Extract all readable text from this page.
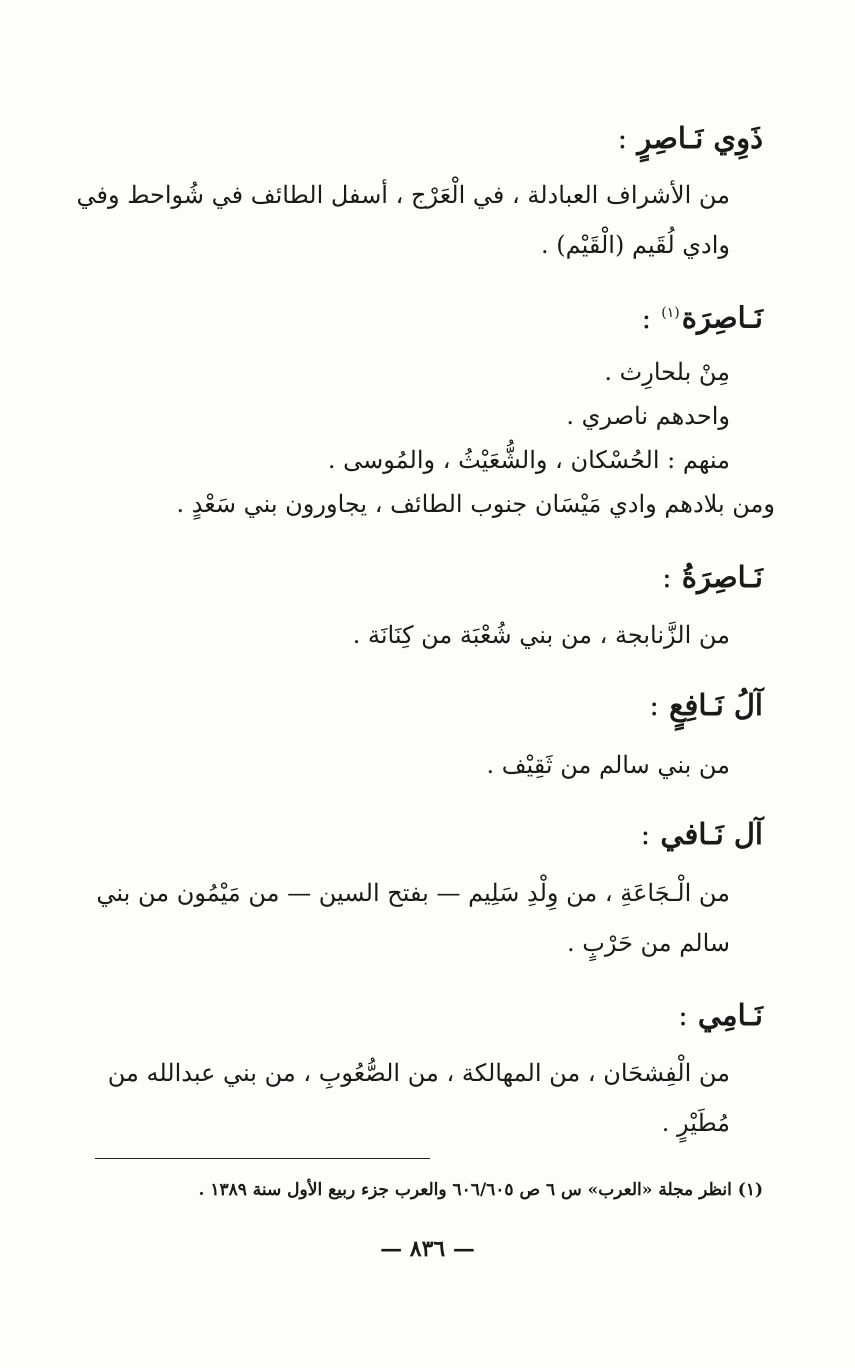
ذَوِي نَـاصِرٍ:
من الأشراف العبادلة ، في الْعَرْج ، أسفل الطائف في شُواحط وفي
وادي لُقَيم (الْقَيْم) .
نَـاصِرَة$^{(١)}$:
مِنْ بلحارِث .
واحدهم ناصري .
منهم : الحُسْكان ، والشُّعَيْثُ ، والمُوسى .
ومن بلادهم وادي مَيْسَان جنوب الطائف ، يجاورون بني سَعْدٍ .
نَـاصِرَةُ:
من الزَّنابجة ، من بني شُعْبَة من كِنَانَة .
آلُ نَـافِعٍ:
من بني سالم من ثَقِيْف .
آل نَـافي:
من الْـجَاعَةِ ، من وِلْدِ سَلِيم — بفتح السين — من مَيْمُون من بني
سالم من حَرْبٍ .
نَـامِي:
من الْفِشحَان ، من المهالكة ، من الصُّعُوبِ ، من بني عبدالله من
مُطَيْرٍ .
(١) انظر مجلة «العرب» س ٦ ص ٦٠٦/٦٠٥ والعرب جزء ربيع الأول سنة ١٣٨٩ .
— ٨٣٦ —
